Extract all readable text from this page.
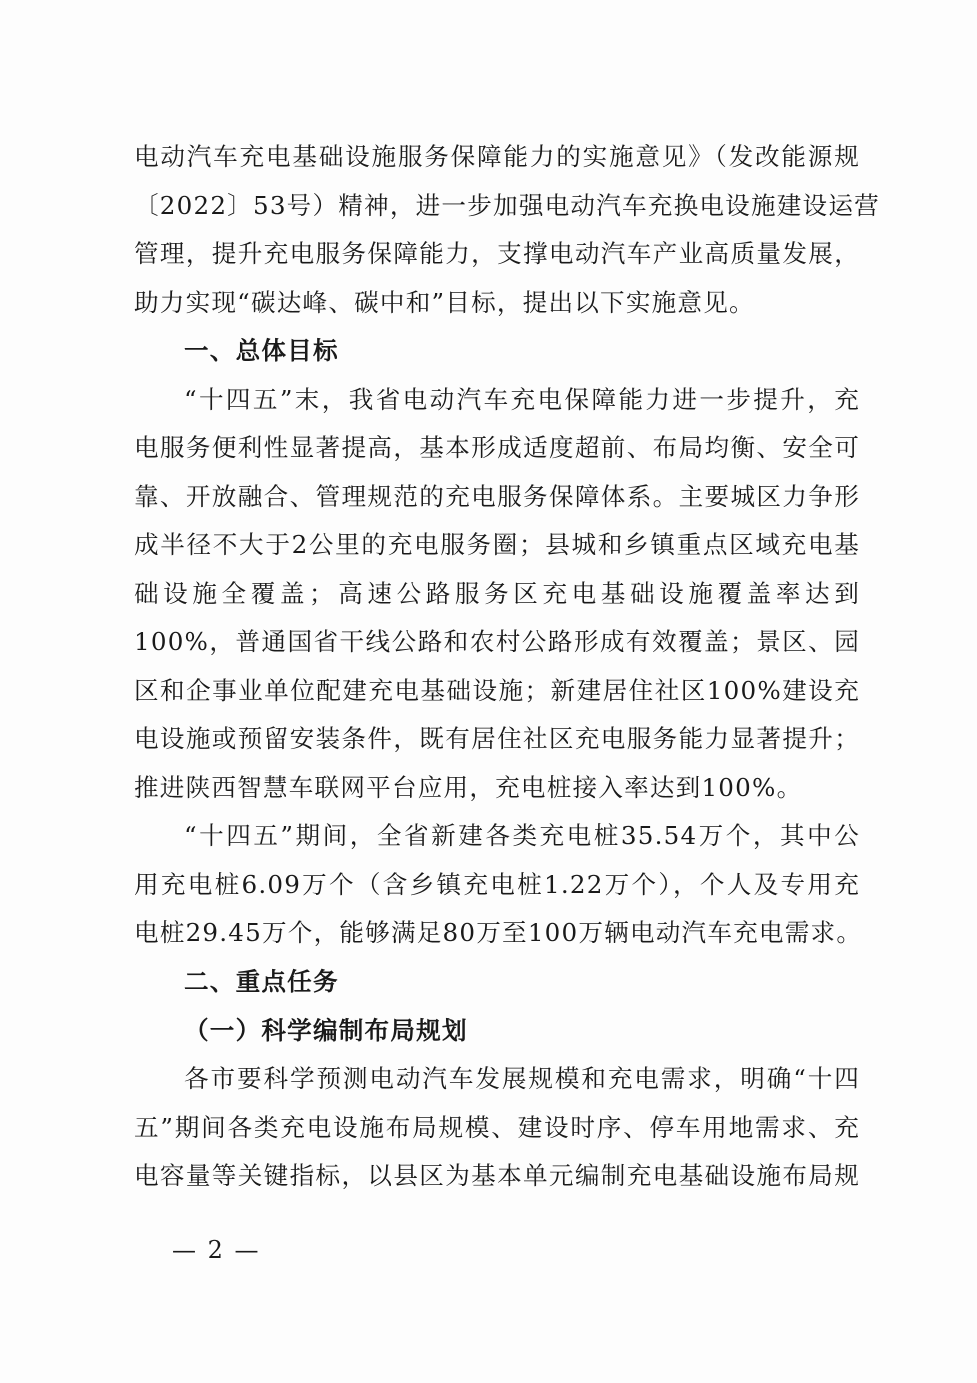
电动汽车充电基础设施服务保障能力的实施意见》（发改能源规
〔2022〕53号）精神，进一步加强电动汽车充换电设施建设运营
管理，提升充电服务保障能力，支撑电动汽车产业高质量发展，
助力实现“碳达峰、碳中和”目标，提出以下实施意见。
一、总体目标
“十四五”末，我省电动汽车充电保障能力进一步提升，充
电服务便利性显著提高，基本形成适度超前、布局均衡、安全可
靠、开放融合、管理规范的充电服务保障体系。主要城区力争形
成半径不大于2公里的充电服务圈；县城和乡镇重点区域充电基
础设施全覆盖；高速公路服务区充电基础设施覆盖率达到
100%，普通国省干线公路和农村公路形成有效覆盖；景区、园
区和企事业单位配建充电基础设施；新建居住社区100%建设充
电设施或预留安装条件，既有居住社区充电服务能力显著提升；
推进陕西智慧车联网平台应用，充电桩接入率达到100%。
“十四五”期间，全省新建各类充电桩35.54万个，其中公
用充电桩6.09万个（含乡镇充电桩1.22万个），个人及专用充
电桩29.45万个，能够满足80万至100万辆电动汽车充电需求。
二、重点任务
（一）科学编制布局规划
各市要科学预测电动汽车发展规模和充电需求，明确“十四
五”期间各类充电设施布局规模、建设时序、停车用地需求、充
电容量等关键指标，以县区为基本单元编制充电基础设施布局规
— 2 —
